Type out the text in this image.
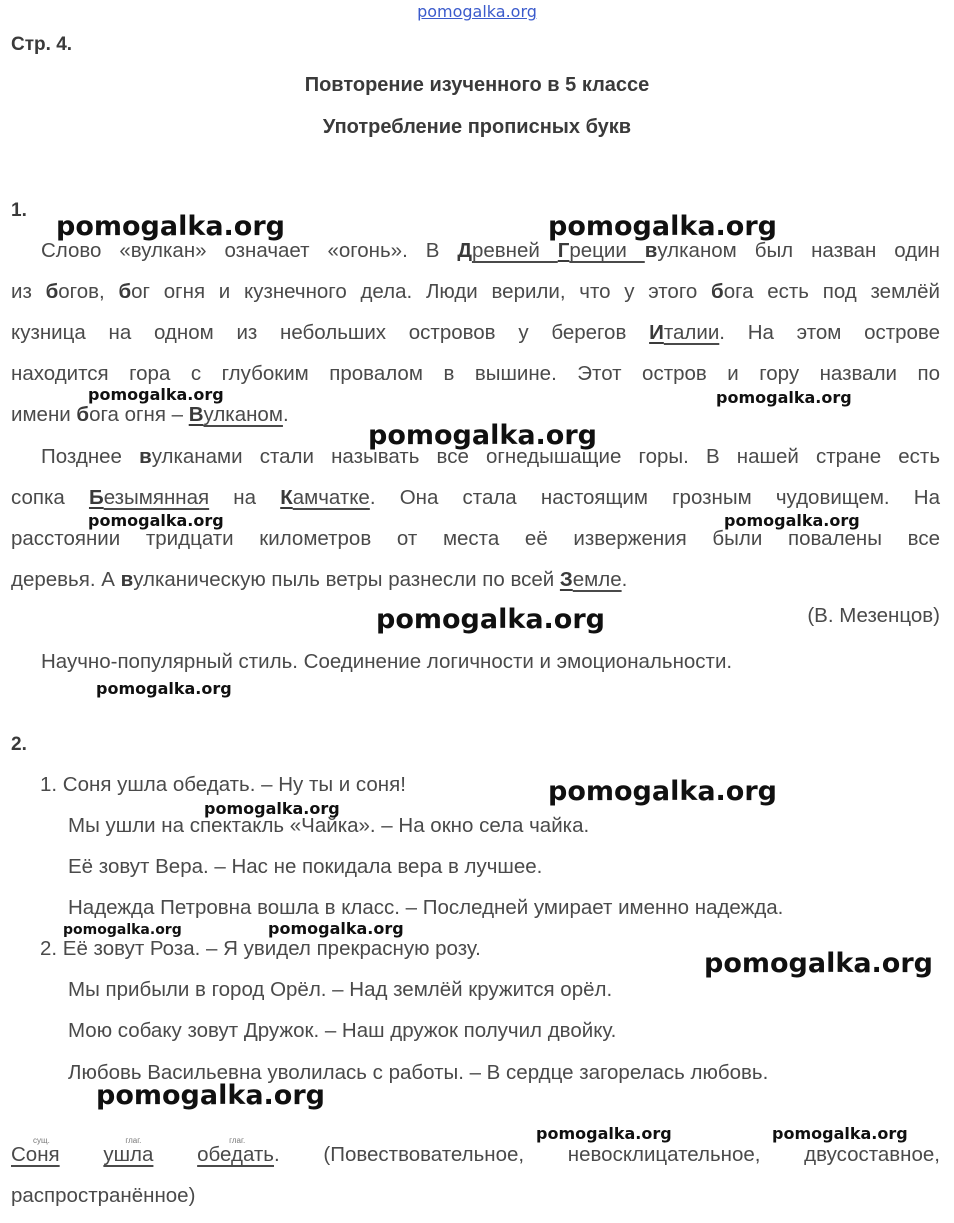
pomogalka.org
Стр. 4.
Повторение изученного в 5 классе
Употребление прописных букв
1.
Слово «вулкан» означает «огонь». В Древней Греции вулканом был назван один
из богов, бог огня и кузнечного дела. Люди верили, что у этого бога есть под землёй
кузница на одном из небольших островов у берегов Италии. На этом острове
находится гора с глубоким провалом в вышине. Этот остров и гору назвали по
имени бога огня – Вулканом.
Позднее вулканами стали называть все огнедышащие горы. В нашей стране есть
сопка Безымянная на Камчатке. Она стала настоящим грозным чудовищем. На
расстоянии тридцати километров от места её извержения были повалены все
деревья. А вулканическую пыль ветры разнесли по всей Земле.
(В. Мезенцов)
Научно-популярный стиль. Соединение логичности и эмоциональности.
2.
1. Соня ушла обедать. – Ну ты и соня!
Мы ушли на спектакль «Чайка». – На окно села чайка.
Её зовут Вера. – Нас не покидала вера в лучшее.
Надежда Петровна вошла в класс. – Последней умирает именно надежда.
2. Её зовут Роза. – Я увидел прекрасную розу.
Мы прибыли в город Орёл. – Над землёй кружится орёл.
Мою собаку зовут Дружок. – Наш дружок получил двойку.
Любовь Васильевна уволилась с работы. – В сердце загорелась любовь.
сущ.
Соня
глаг.
ушла
глаг.
обедать. (Повествовательное, невосклицательное, двусоставное,
распространённое)
pomogalka.org	pomogalka.org
pomogalka.org	pomogalka.org
pomogalka.org
pomogalka.org	pomogalka.org
pomogalka.org
pomogalka.org
pomogalka.org
pomogalka.org
pomogalka.org	pomogalka.org
pomogalka.org
pomogalka.org
pomogalka.org	pomogalka.org
